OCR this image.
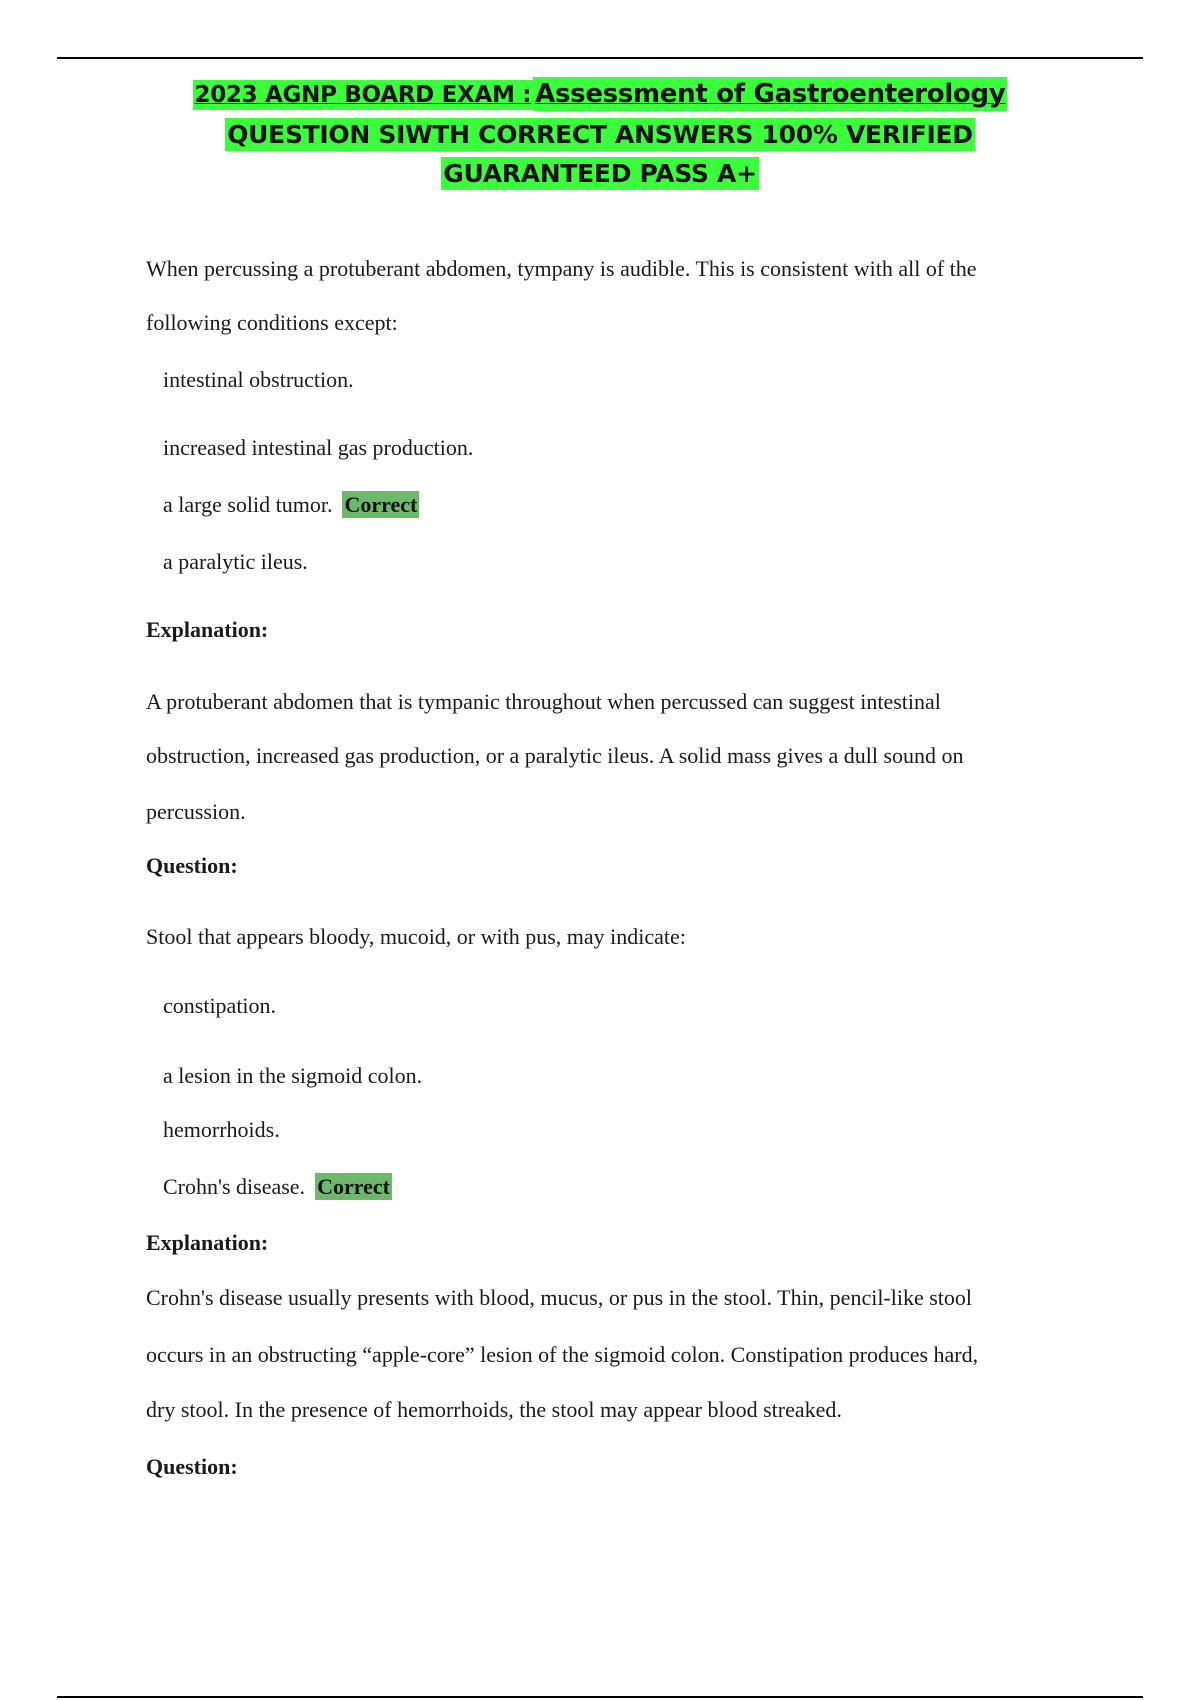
2023 AGNP BOARD EXAM : Assessment of Gastroenterology
QUESTION SIWTH CORRECT ANSWERS 100% VERIFIED
GUARANTEED PASS A+
When percussing a protuberant abdomen, tympany is audible. This is consistent with all of the
following conditions except:
intestinal obstruction.
increased intestinal gas production.
a large solid tumor. Correct
a paralytic ileus.
Explanation:
A protuberant abdomen that is tympanic throughout when percussed can suggest intestinal
obstruction, increased gas production, or a paralytic ileus. A solid mass gives a dull sound on
percussion.
Question:
Stool that appears bloody, mucoid, or with pus, may indicate:
constipation.
a lesion in the sigmoid colon.
hemorrhoids.
Crohn's disease. Correct
Explanation:
Crohn's disease usually presents with blood, mucus, or pus in the stool. Thin, pencil-like stool
occurs in an obstructing “apple-core” lesion of the sigmoid colon. Constipation produces hard,
dry stool. In the presence of hemorrhoids, the stool may appear blood streaked.
Question:
